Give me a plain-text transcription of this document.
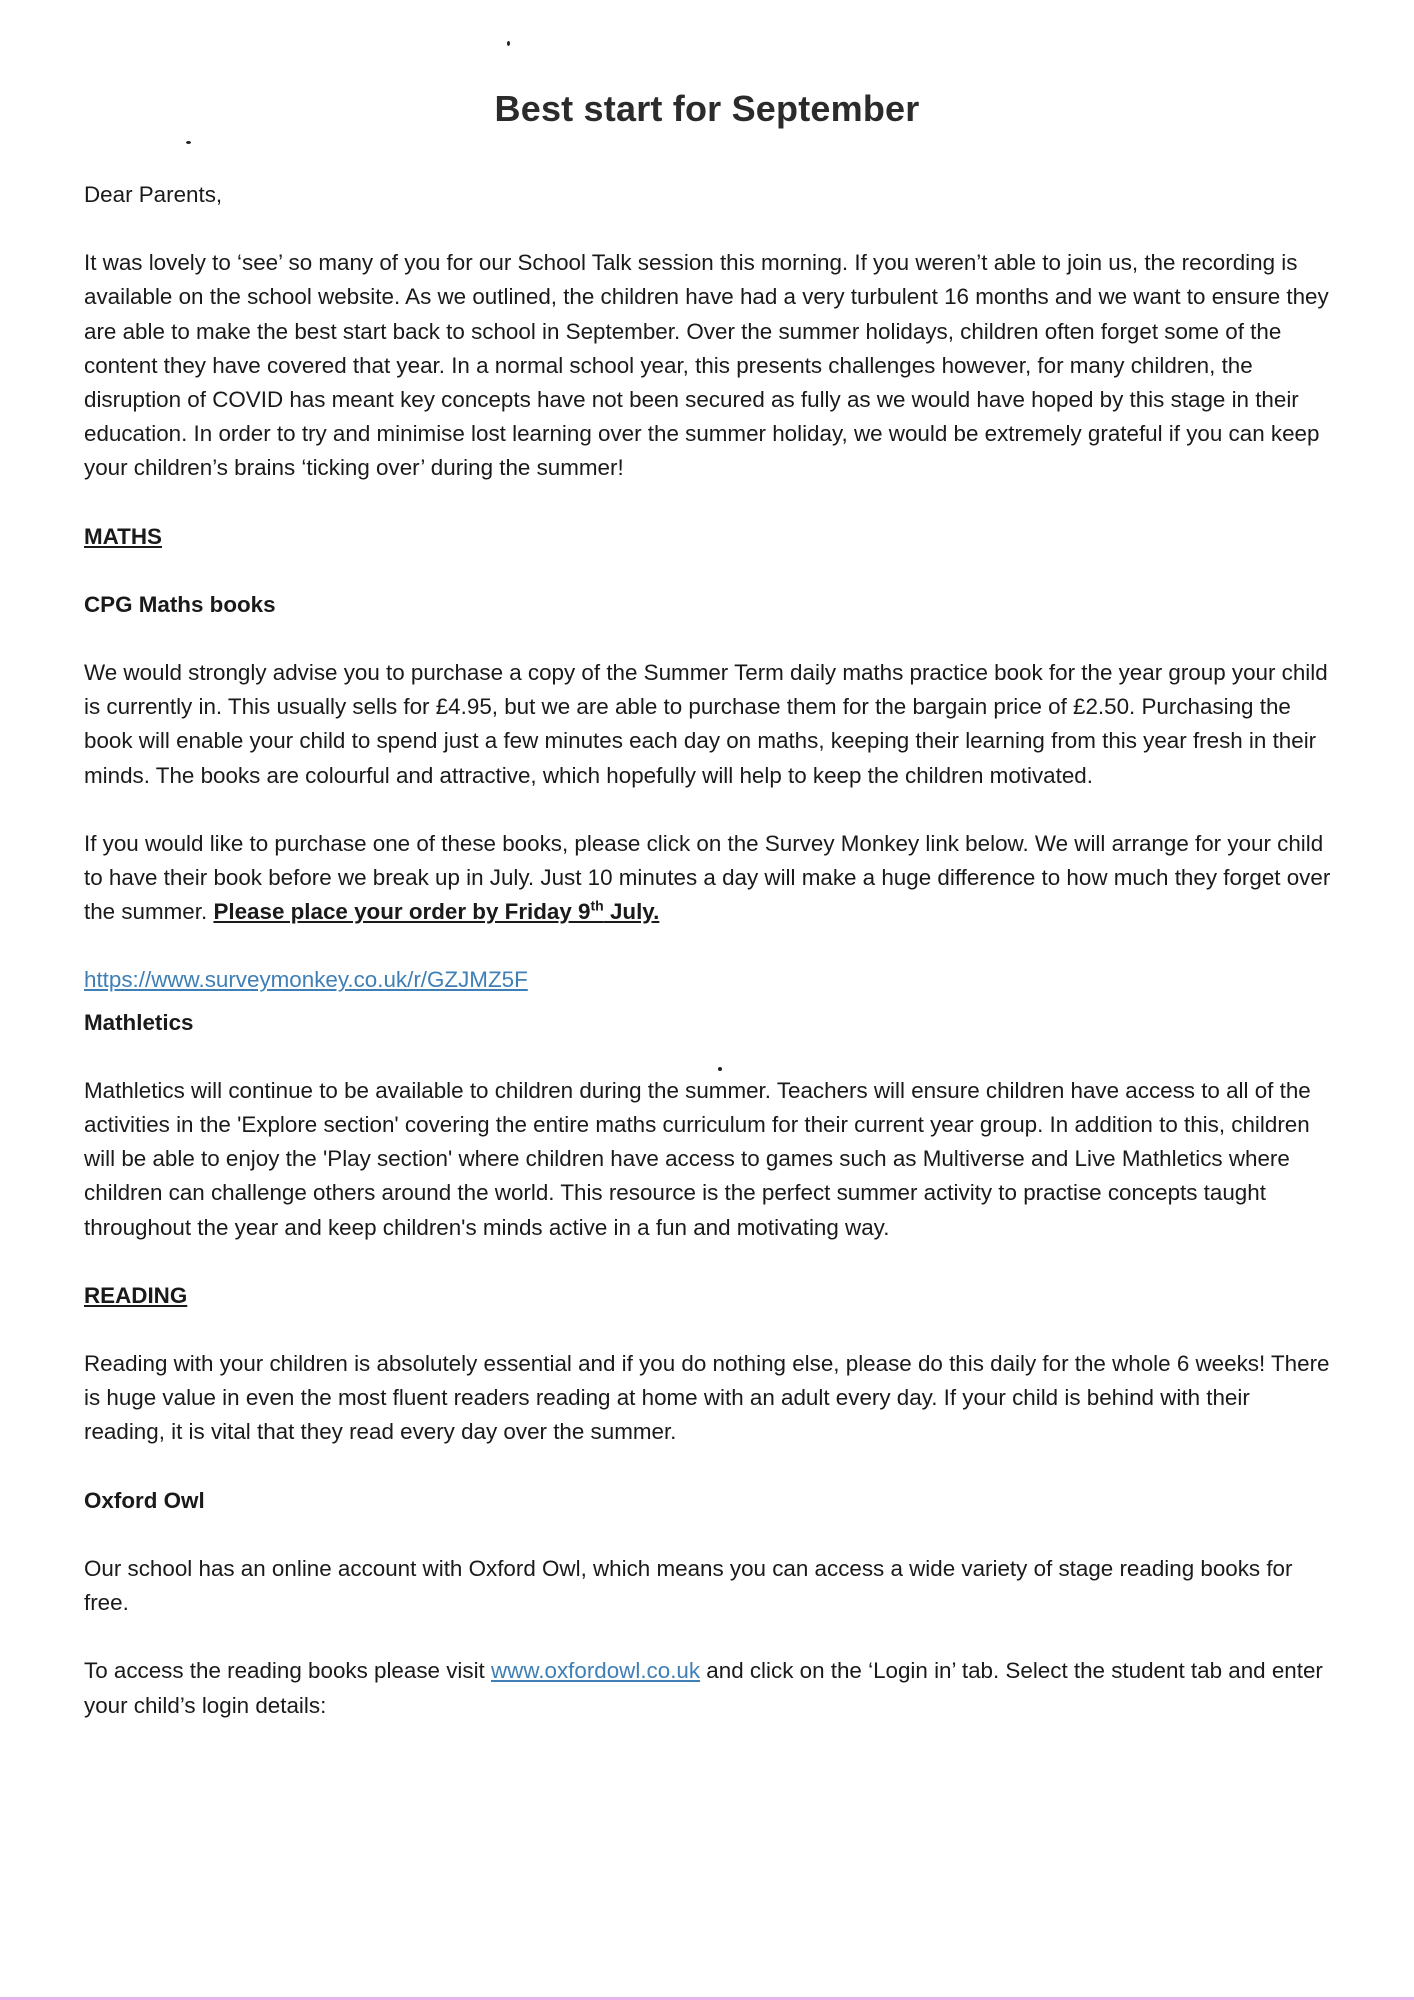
Best start for September

Dear Parents,

It was lovely to ‘see’ so many of you for our School Talk session this morning. If you weren’t able to join us, the recording is available on the school website. As we outlined, the children have had a very turbulent 16 months and we want to ensure they are able to make the best start back to school in September. Over the summer holidays, children often forget some of the content they have covered that year. In a normal school year, this presents challenges however, for many children, the disruption of COVID has meant key concepts have not been secured as fully as we would have hoped by this stage in their education. In order to try and minimise lost learning over the summer holiday, we would be extremely grateful if you can keep your children’s brains ‘ticking over’ during the summer!

MATHS

CPG Maths books

We would strongly advise you to purchase a copy of the Summer Term daily maths practice book for the year group your child is currently in. This usually sells for £4.95, but we are able to purchase them for the bargain price of £2.50. Purchasing the book will enable your child to spend just a few minutes each day on maths, keeping their learning from this year fresh in their minds. The books are colourful and attractive, which hopefully will help to keep the children motivated.

If you would like to purchase one of these books, please click on the Survey Monkey link below. We will arrange for your child to have their book before we break up in July. Just 10 minutes a day will make a huge difference to how much they forget over the summer. Please place your order by Friday 9th July.

https://www.surveymonkey.co.uk/r/GZJMZ5F

Mathletics

Mathletics will continue to be available to children during the summer. Teachers will ensure children have access to all of the activities in the 'Explore section' covering the entire maths curriculum for their current year group. In addition to this, children will be able to enjoy the 'Play section' where children have access to games such as Multiverse and Live Mathletics where children can challenge others around the world. This resource is the perfect summer activity to practise concepts taught throughout the year and keep children's minds active in a fun and motivating way.

READING

Reading with your children is absolutely essential and if you do nothing else, please do this daily for the whole 6 weeks! There is huge value in even the most fluent readers reading at home with an adult every day. If your child is behind with their reading, it is vital that they read every day over the summer.

Oxford Owl

Our school has an online account with Oxford Owl, which means you can access a wide variety of stage reading books for free.

To access the reading books please visit www.oxfordowl.co.uk and click on the ‘Login in’ tab. Select the student tab and enter your child’s login details:
